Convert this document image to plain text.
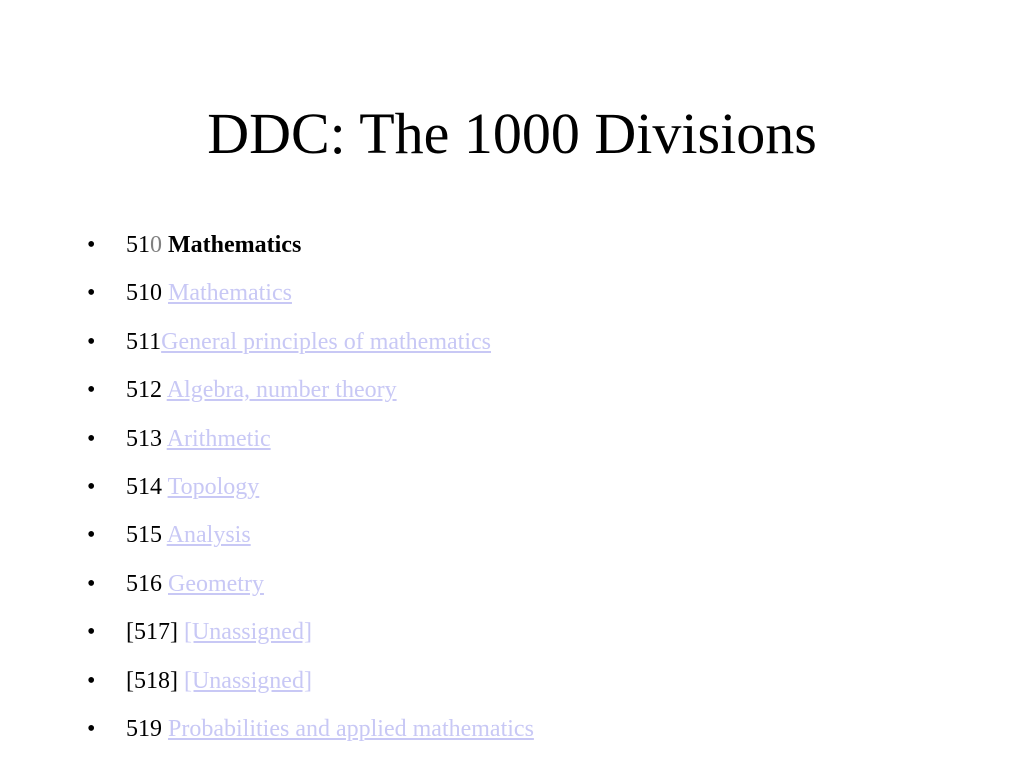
DDC: The 1000 Divisions
• 510 Mathematics
• 510 Mathematics
• 511General principles of mathematics
• 512 Algebra, number theory
• 513 Arithmetic
• 514 Topology
• 515 Analysis
• 516 Geometry
• [517] [Unassigned]
• [518] [Unassigned]
• 519 Probabilities and applied mathematics
